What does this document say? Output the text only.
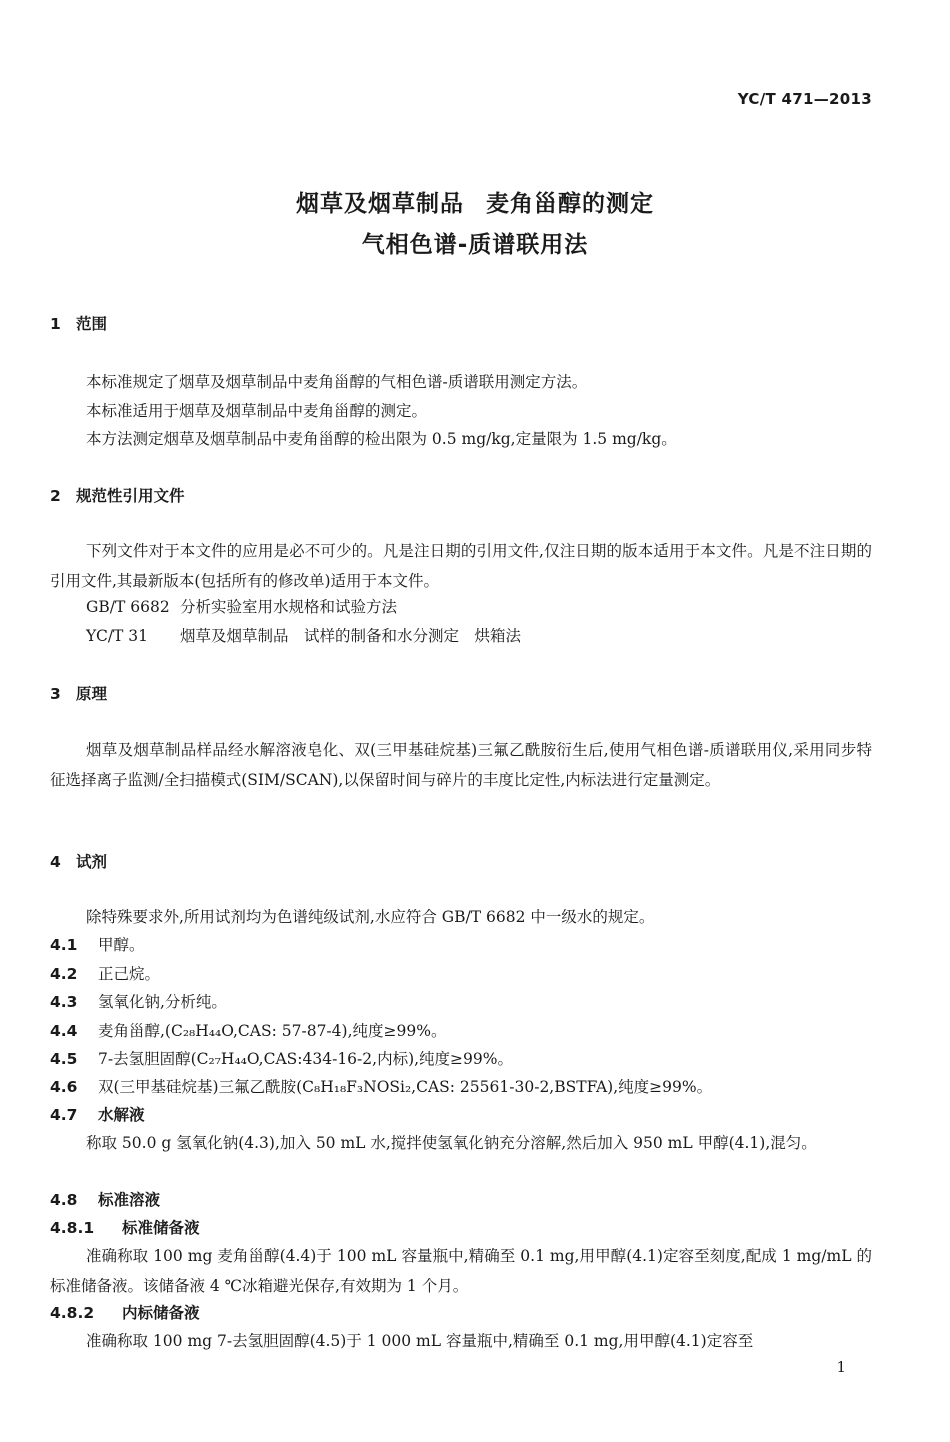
YC/T 471—2013
烟草及烟草制品 麦角甾醇的测定
气相色谱-质谱联用法
1 范围
本标准规定了烟草及烟草制品中麦角甾醇的气相色谱-质谱联用测定方法。
本标准适用于烟草及烟草制品中麦角甾醇的测定。
本方法测定烟草及烟草制品中麦角甾醇的检出限为 0.5 mg/kg,定量限为 1.5 mg/kg。
2 规范性引用文件
下列文件对于本文件的应用是必不可少的。凡是注日期的引用文件,仅注日期的版本适用于本文件。凡是不注日期的引用文件,其最新版本(包括所有的修改单)适用于本文件。
GB/T 6682 分析实验室用水规格和试验方法
YC/T 31 烟草及烟草制品　试样的制备和水分测定　烘箱法
3 原理
烟草及烟草制品样品经水解溶液皂化、双(三甲基硅烷基)三氟乙酰胺衍生后,使用气相色谱-质谱联用仪,采用同步特征选择离子监测/全扫描模式(SIM/SCAN),以保留时间与碎片的丰度比定性,内标法进行定量测定。
4 试剂
除特殊要求外,所用试剂均为色谱纯级试剂,水应符合 GB/T 6682 中一级水的规定。
4.1 甲醇。
4.2 正己烷。
4.3 氢氧化钠,分析纯。
4.4 麦角甾醇,(C₂₈H₄₄O,CAS: 57-87-4),纯度≥99%。
4.5 7-去氢胆固醇(C₂₇H₄₄O,CAS:434-16-2,内标),纯度≥99%。
4.6 双(三甲基硅烷基)三氟乙酰胺(C₈H₁₈F₃NOSi₂,CAS: 25561-30-2,BSTFA),纯度≥99%。
4.7 水解液
称取 50.0 g 氢氧化钠(4.3),加入 50 mL 水,搅拌使氢氧化钠充分溶解,然后加入 950 mL 甲醇(4.1),混匀。
4.8 标准溶液
4.8.1 标准储备液
准确称取 100 mg 麦角甾醇(4.4)于 100 mL 容量瓶中,精确至 0.1 mg,用甲醇(4.1)定容至刻度,配成 1 mg/mL 的标准储备液。该储备液 4 ℃冰箱避光保存,有效期为 1 个月。
4.8.2 内标储备液
准确称取 100 mg 7-去氢胆固醇(4.5)于 1 000 mL 容量瓶中,精确至 0.1 mg,用甲醇(4.1)定容至
1
